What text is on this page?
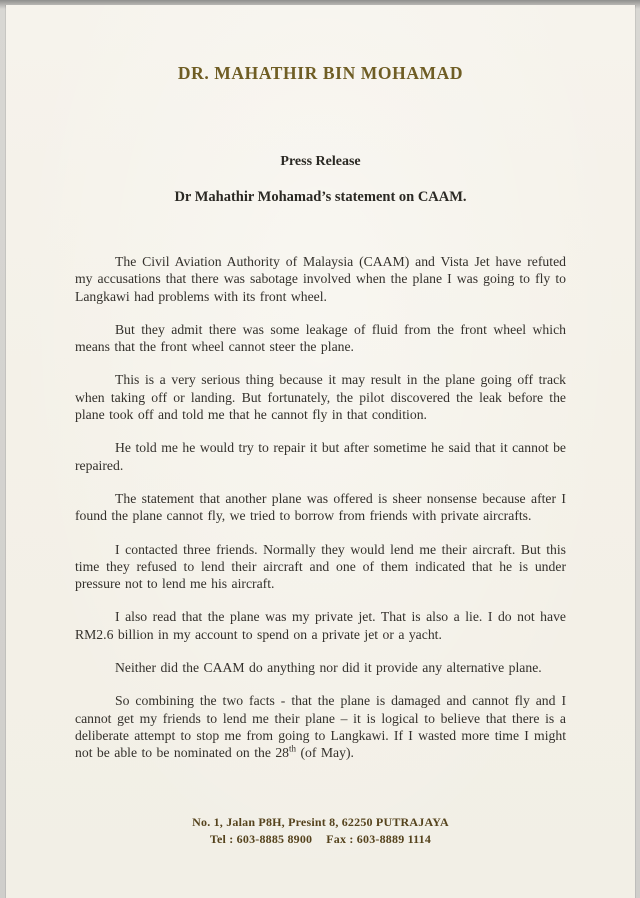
DR. MAHATHIR BIN MOHAMAD
Press Release
Dr Mahathir Mohamad’s statement on CAAM.

The Civil Aviation Authority of Malaysia (CAAM) and Vista Jet have refuted my accusations that there was sabotage involved when the plane I was going to fly to Langkawi had problems with its front wheel.

But they admit there was some leakage of fluid from the front wheel which means that the front wheel cannot steer the plane.

This is a very serious thing because it may result in the plane going off track when taking off or landing. But fortunately, the pilot discovered the leak before the plane took off and told me that he cannot fly in that condition.

He told me he would try to repair it but after sometime he said that it cannot be repaired.

The statement that another plane was offered is sheer nonsense because after I found the plane cannot fly, we tried to borrow from friends with private aircrafts.

I contacted three friends. Normally they would lend me their aircraft. But this time they refused to lend their aircraft and one of them indicated that he is under pressure not to lend me his aircraft.

I also read that the plane was my private jet. That is also a lie. I do not have RM2.6 billion in my account to spend on a private jet or a yacht.

Neither did the CAAM do anything nor did it provide any alternative plane.

So combining the two facts - that the plane is damaged and cannot fly and I cannot get my friends to lend me their plane – it is logical to believe that there is a deliberate attempt to stop me from going to Langkawi. If I wasted more time I might not be able to be nominated on the 28th (of May).

No. 1, Jalan P8H, Presint 8, 62250 PUTRAJAYA
Tel : 603-8885 8900 Fax : 603-8889 1114
